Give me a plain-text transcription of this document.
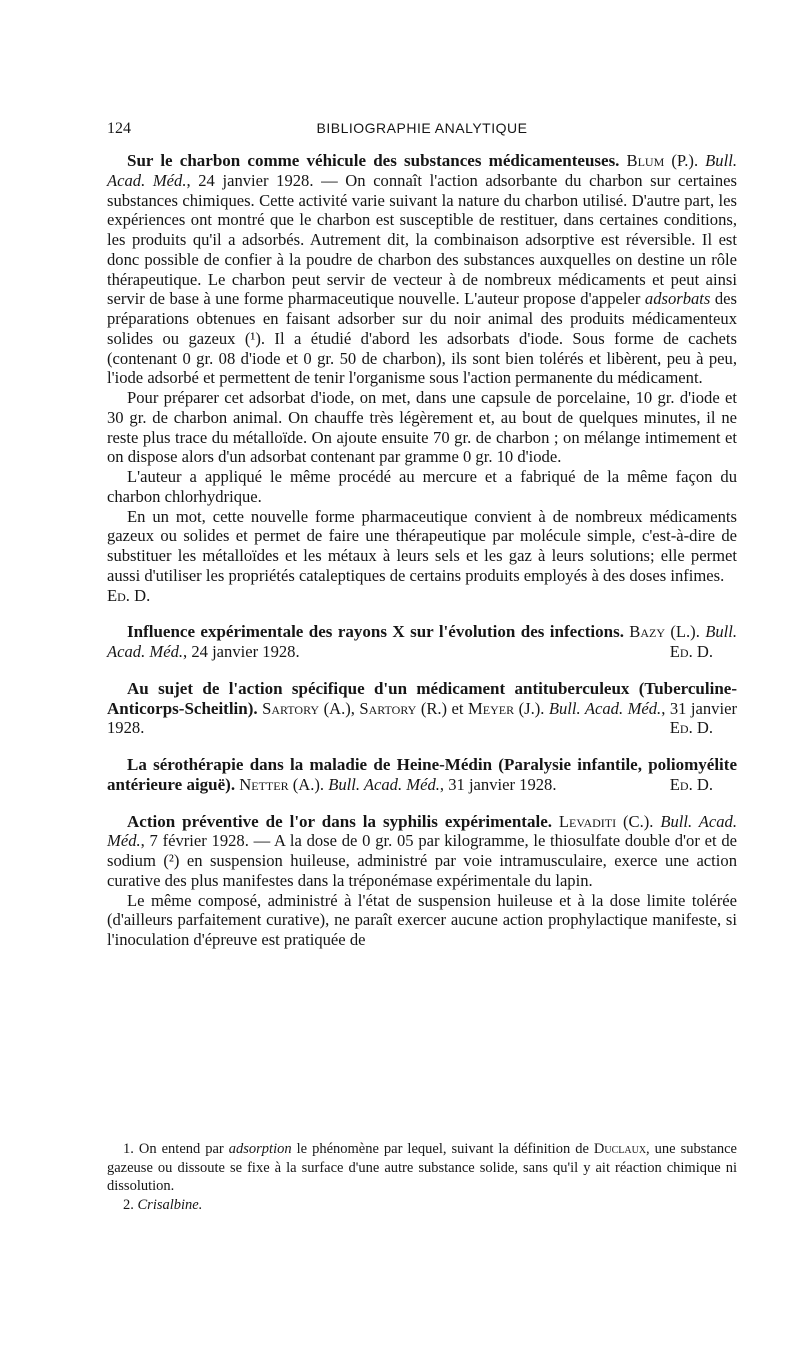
124	BIBLIOGRAPHIE ANALYTIQUE

Sur le charbon comme véhicule des substances médicamenteuses. Blum (P.). Bull. Acad. Méd., 24 janvier 1928. — On connaît l'action adsorbante du charbon sur certaines substances chimiques. Cette activité varie suivant la nature du charbon utilisé. D'autre part, les expériences ont montré que le charbon est susceptible de restituer, dans certaines conditions, les produits qu'il a adsorbés. Autrement dit, la combinaison adsorptive est réversible. Il est donc possible de confier à la poudre de charbon des substances auxquelles on destine un rôle thérapeutique. Le charbon peut servir de vecteur à de nombreux médicaments et peut ainsi servir de base à une forme pharmaceutique nouvelle. L'auteur propose d'appeler adsorbats des préparations obtenues en faisant adsorber sur du noir animal des produits médicamenteux solides ou gazeux (¹). Il a étudié d'abord les adsorbats d'iode. Sous forme de cachets (contenant 0 gr. 08 d'iode et 0 gr. 50 de charbon), ils sont bien tolérés et libèrent, peu à peu, l'iode adsorbé et permettent de tenir l'organisme sous l'action permanente du médicament.

Pour préparer cet adsorbat d'iode, on met, dans une capsule de porcelaine, 10 gr. d'iode et 30 gr. de charbon animal. On chauffe très légèrement et, au bout de quelques minutes, il ne reste plus trace du métalloïde. On ajoute ensuite 70 gr. de charbon ; on mélange intimement et on dispose alors d'un adsorbat contenant par gramme 0 gr. 10 d'iode.

L'auteur a appliqué le même procédé au mercure et a fabriqué de la même façon du charbon chlorhydrique.

En un mot, cette nouvelle forme pharmaceutique convient à de nombreux médicaments gazeux ou solides et permet de faire une thérapeutique par molécule simple, c'est-à-dire de substituer les métalloïdes et les métaux à leurs sels et les gaz à leurs solutions; elle permet aussi d'utiliser les propriétés cataleptiques de certains produits employés à des doses infimes.

Ed. D.

Influence expérimentale des rayons X sur l'évolution des infections. Bazy (L.). Bull. Acad. Méd., 24 janvier 1928.	Ed. D.

Au sujet de l'action spécifique d'un médicament antituberculeux (Tuberculine-Anticorps-Scheitlin). Sartory (A.), Sartory (R.) et Meyer (J.). Bull. Acad. Méd., 31 janvier 1928.	Ed. D.

La sérothérapie dans la maladie de Heine-Médin (Paralysie infantile, poliomyélite antérieure aiguë). Netter (A.). Bull. Acad. Méd., 31 janvier 1928.	Ed. D.

Action préventive de l'or dans la syphilis expérimentale. Levaditi (C.). Bull. Acad. Méd., 7 février 1928. — A la dose de 0 gr. 05 par kilogramme, le thiosulfate double d'or et de sodium (²) en suspension huileuse, administré par voie intramusculaire, exerce une action curative des plus manifestes dans la tréponémase expérimentale du lapin.

Le même composé, administré à l'état de suspension huileuse et à la dose limite tolérée (d'ailleurs parfaitement curative), ne paraît exercer aucune action prophylactique manifeste, si l'inoculation d'épreuve est pratiquée de

1. On entend par adsorption le phénomène par lequel, suivant la définition de Duclaux, une substance gazeuse ou dissoute se fixe à la surface d'une autre substance solide, sans qu'il y ait réaction chimique ni dissolution.

2. Crisalbine.
